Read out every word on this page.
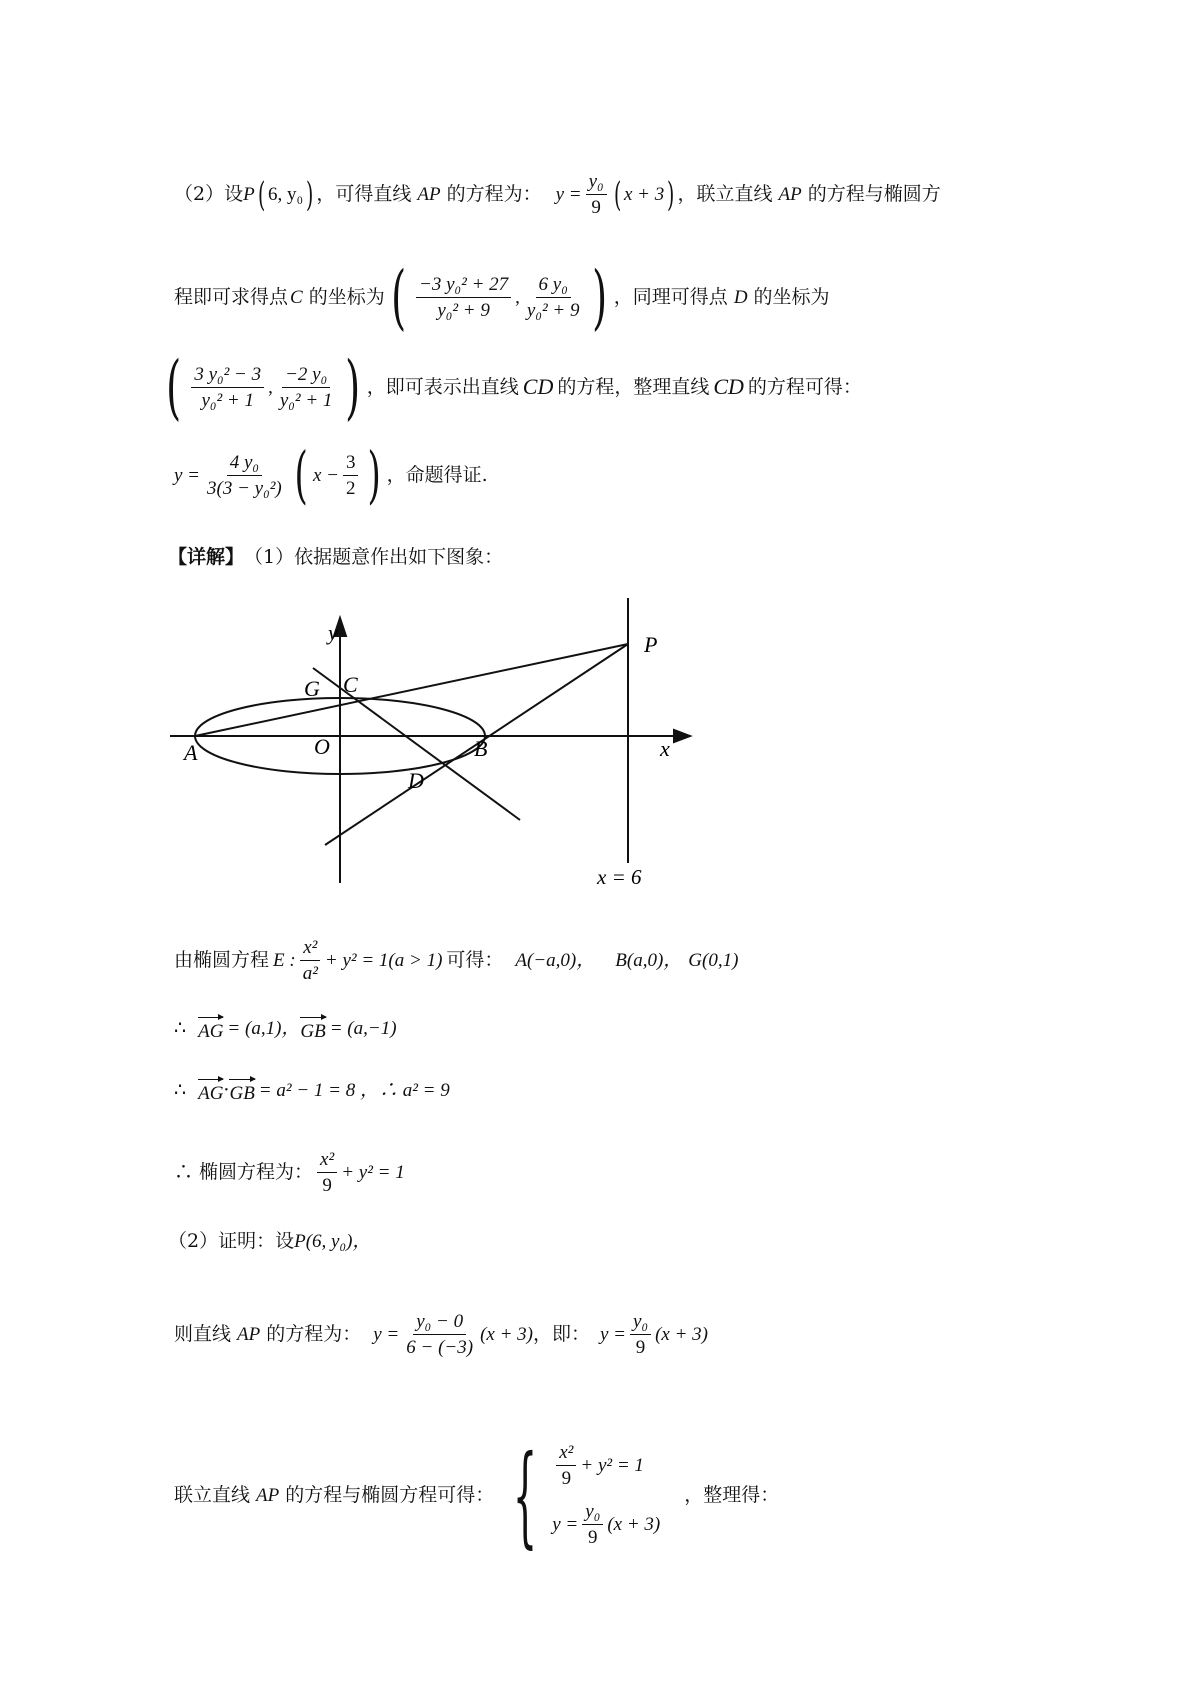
（2）设 P ( 6, y₀ ) ，可得直线 AP 的方程为： $y = \frac{\text{y₀}}{9}$ ( x + 3 ) ，联立直线 AP 的方程与椭圆方
程即可求得点 C 的坐标为 ( $\frac{\text{−3 y₀² + 27}}{\text{y₀² + 9}}$ , $\frac{\text{6 y₀}}{\text{y₀² + 9}}$ ) ，同理可得点 D 的坐标为
( $\frac{\text{3 y₀² − 3}}{\text{y₀² + 1}}$ , $\frac{\text{−2 y₀}}{\text{y₀² + 1}}$ ) ，即可表示出直线 CD 的方程，整理直线 CD 的方程可得：
$y = \frac{\text{4 y₀}}{\text{3(3 − y₀²)}}$ ( $x - \frac{3}{2}$ ) ，命题得证.
【详解】 （1）依据题意作出如下图象：
y	P
G C
A	O	B	x
D
x = 6
由椭圆方程 E : $\frac{\text{x²}}{\text{a²}} + y^2 = 1(a > 1)$ 可得： A(−a,0)， B(a,0)， G(0,1)
∴ AG = (a,1)， GB = (a,−1)
∴ AG · GB = a² − 1 = 8 ，∴ a² = 9
∴ 椭圆方程为： $\frac{\text{x²}}{9} + y^2 = 1$
（2）证明：设 P(6, y₀)，
则直线 AP 的方程为： $y = \frac{\text{y₀ − 0}}{6 - (-3)} (x + 3)$ ，即： $y = \frac{\text{y₀}}{9} (x + 3)$
联立直线 AP 的方程与椭圆方程可得： { $\frac{\text{x²}}{9} + y^2 = 1$
$y = \frac{\text{y₀}}{9} (x + 3)$
，整理得：
